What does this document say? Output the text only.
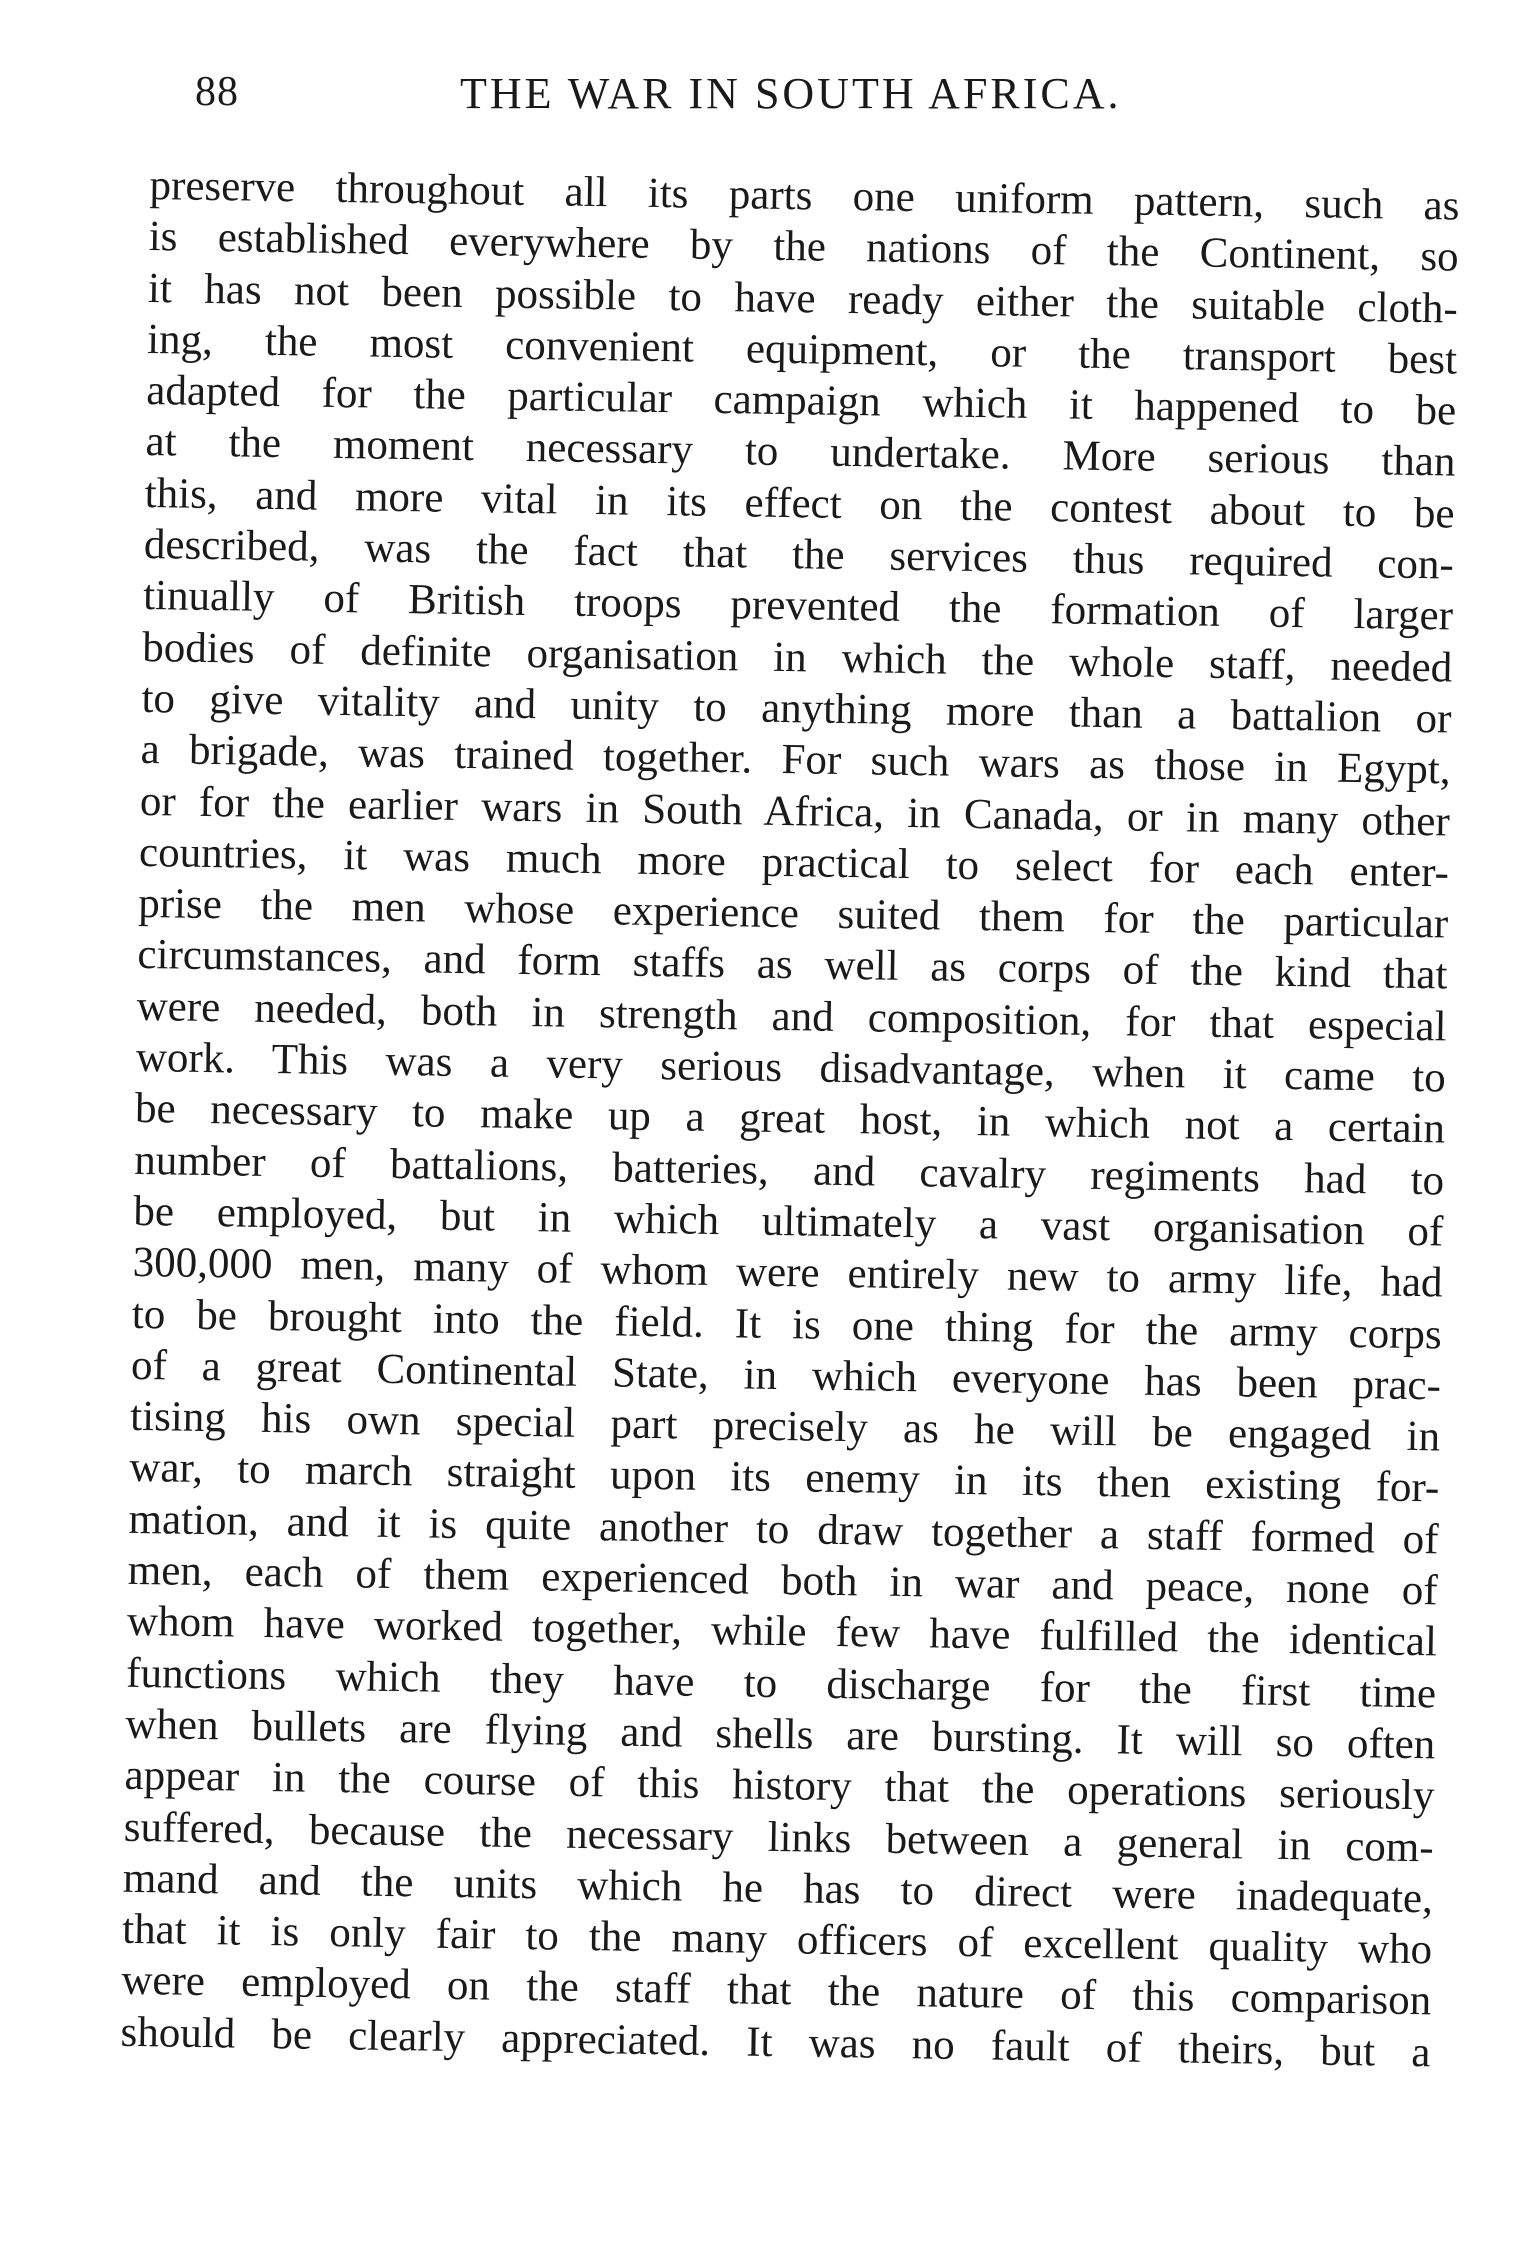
88	THE WAR IN SOUTH AFRICA.
preserve throughout all its parts one uniform pattern, such as
is established everywhere by the nations of the Continent, so
it has not been possible to have ready either the suitable cloth-
ing, the most convenient equipment, or the transport best
adapted for the particular campaign which it happened to be
at the moment necessary to undertake. More serious than
this, and more vital in its effect on the contest about to be
described, was the fact that the services thus required con-
tinually of British troops prevented the formation of larger
bodies of definite organisation in which the whole staff, needed
to give vitality and unity to anything more than a battalion or
a brigade, was trained together. For such wars as those in Egypt,
or for the earlier wars in South Africa, in Canada, or in many other
countries, it was much more practical to select for each enter-
prise the men whose experience suited them for the particular
circumstances, and form staffs as well as corps of the kind that
were needed, both in strength and composition, for that especial
work. This was a very serious disadvantage, when it came to
be necessary to make up a great host, in which not a certain
number of battalions, batteries, and cavalry regiments had to
be employed, but in which ultimately a vast organisation of
300,000 men, many of whom were entirely new to army life, had
to be brought into the field. It is one thing for the army corps
of a great Continental State, in which everyone has been prac-
tising his own special part precisely as he will be engaged in
war, to march straight upon its enemy in its then existing for-
mation, and it is quite another to draw together a staff formed of
men, each of them experienced both in war and peace, none of
whom have worked together, while few have fulfilled the identical
functions which they have to discharge for the first time
when bullets are flying and shells are bursting. It will so often
appear in the course of this history that the operations seriously
suffered, because the necessary links between a general in com-
mand and the units which he has to direct were inadequate,
that it is only fair to the many officers of excellent quality who
were employed on the staff that the nature of this comparison
should be clearly appreciated. It was no fault of theirs, but a
